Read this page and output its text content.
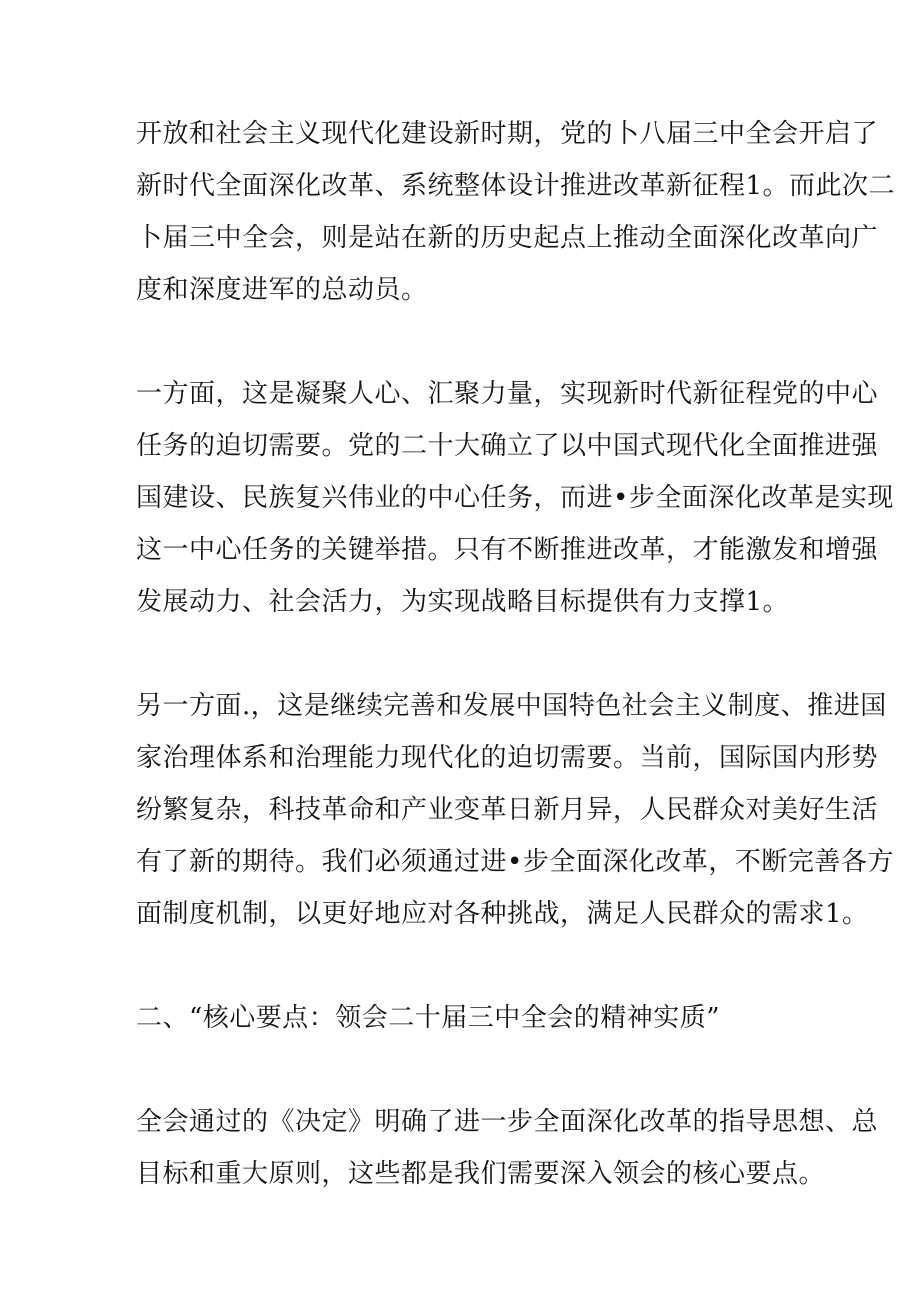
开放和社会主义现代化建设新时期，党的卜八届三中全会开启了
新时代全面深化改革、系统整体设计推进改革新征程1。而此次二
卜届三中全会，则是站在新的历史起点上推动全面深化改革向广
度和深度进军的总动员。

一方面，这是凝聚人心、汇聚力量，实现新时代新征程党的中心
任务的迫切需要。党的二十大确立了以中国式现代化全面推进强
国建设、民族复兴伟业的中心任务，而进•步全面深化改革是实现
这一中心任务的关键举措。只有不断推进改革，才能激发和增强
发展动力、社会活力，为实现战略目标提供有力支撑1。

另一方面.，这是继续完善和发展中国特色社会主义制度、推进国
家治理体系和治理能力现代化的迫切需要。当前，国际国内形势
纷繁复杂，科技革命和产业变革日新月异，人民群众对美好生活
有了新的期待。我们必须通过进•步全面深化改革，不断完善各方
面制度机制，以更好地应对各种挑战，满足人民群众的需求1。

二、“核心要点：领会二十届三中全会的精神实质”

全会通过的《决定》明确了进一步全面深化改革的指导思想、总
目标和重大原则，这些都是我们需要深入领会的核心要点。
